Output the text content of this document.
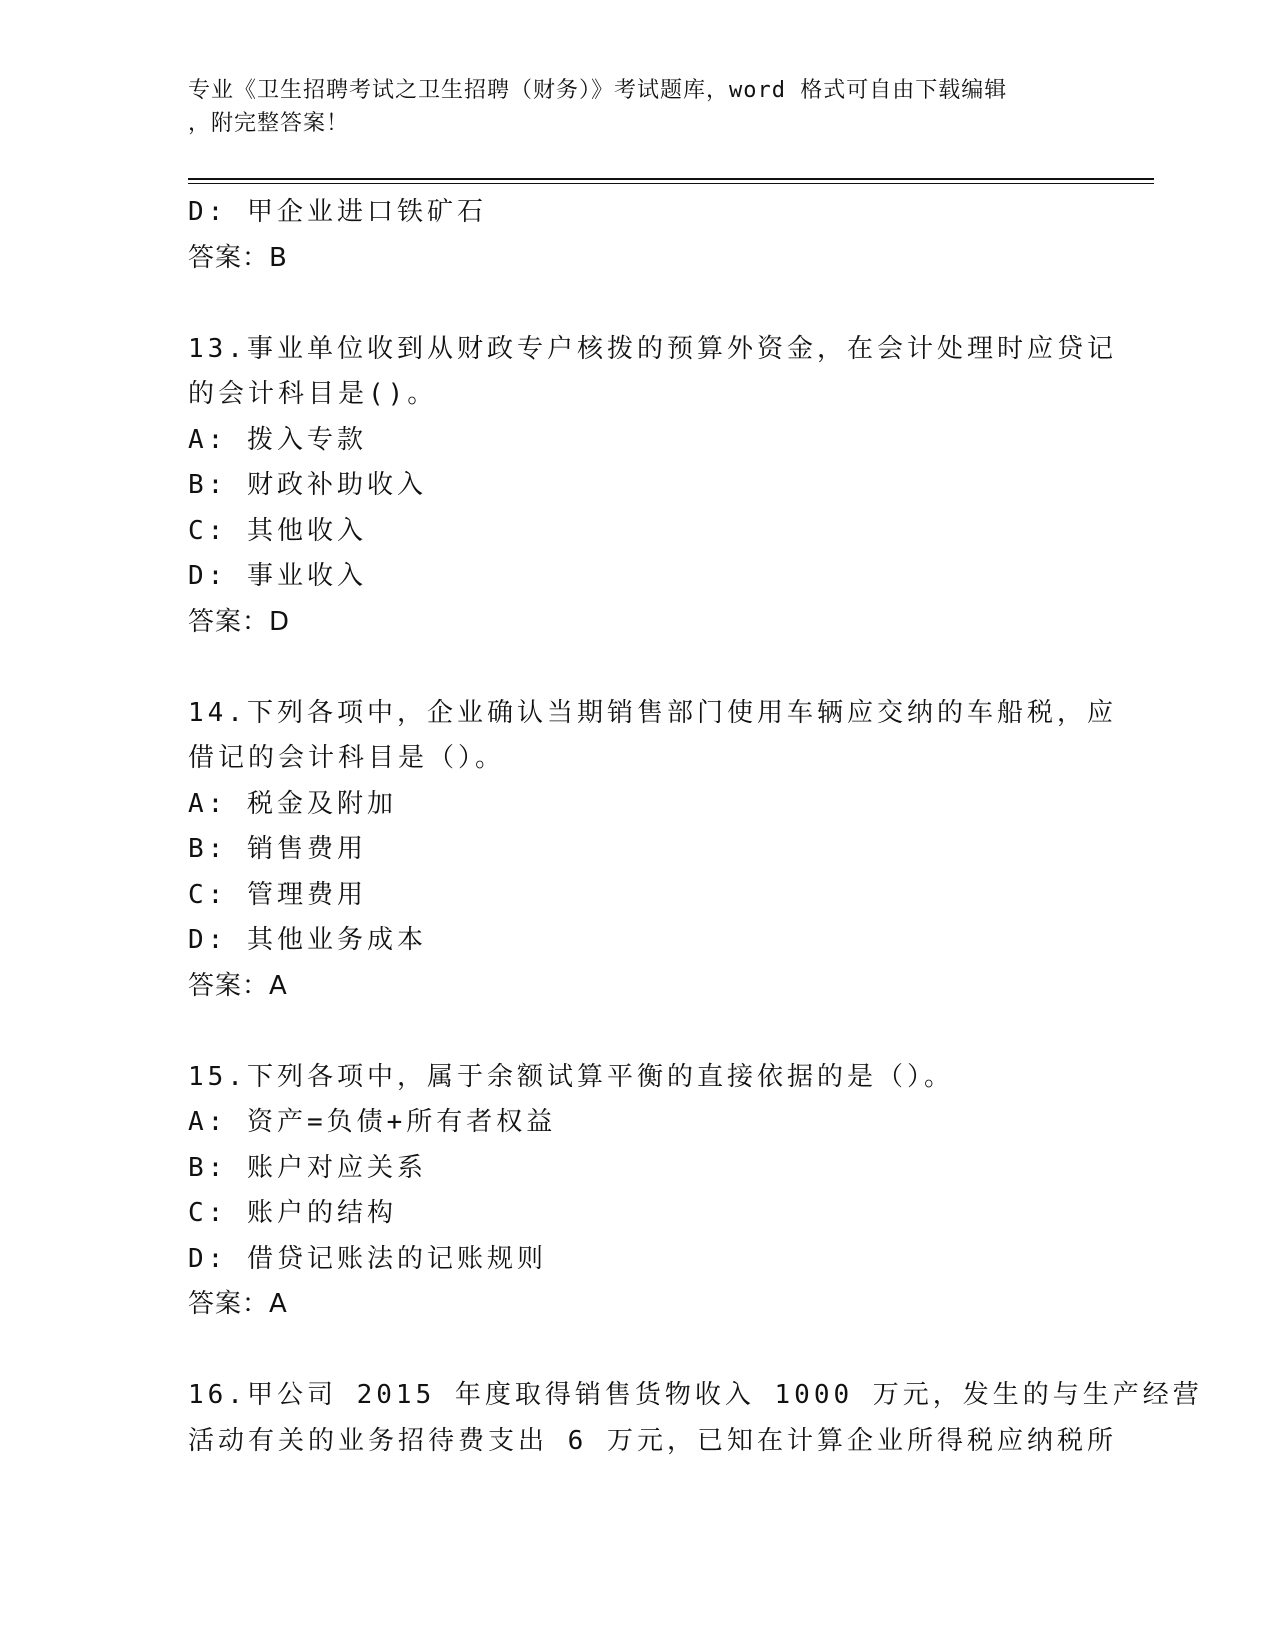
专业《卫生招聘考试之卫生招聘（财务）》考试题库，word 格式可自由下载编辑
，附完整答案！
D: 甲企业进口铁矿石
答案：B
13.事业单位收到从财政专户核拨的预算外资金，在会计处理时应贷记
的会计科目是()。
A: 拨入专款
B: 财政补助收入
C: 其他收入
D: 事业收入
答案：D
14.下列各项中，企业确认当期销售部门使用车辆应交纳的车船税，应
借记的会计科目是（）。
A: 税金及附加
B: 销售费用
C: 管理费用
D: 其他业务成本
答案：A
15.下列各项中，属于余额试算平衡的直接依据的是（）。
A: 资产=负债+所有者权益
B: 账户对应关系
C: 账户的结构
D: 借贷记账法的记账规则
答案：A
16.甲公司 2015 年度取得销售货物收入 1000 万元，发生的与生产经营
活动有关的业务招待费支出 6 万元，已知在计算企业所得税应纳税所
